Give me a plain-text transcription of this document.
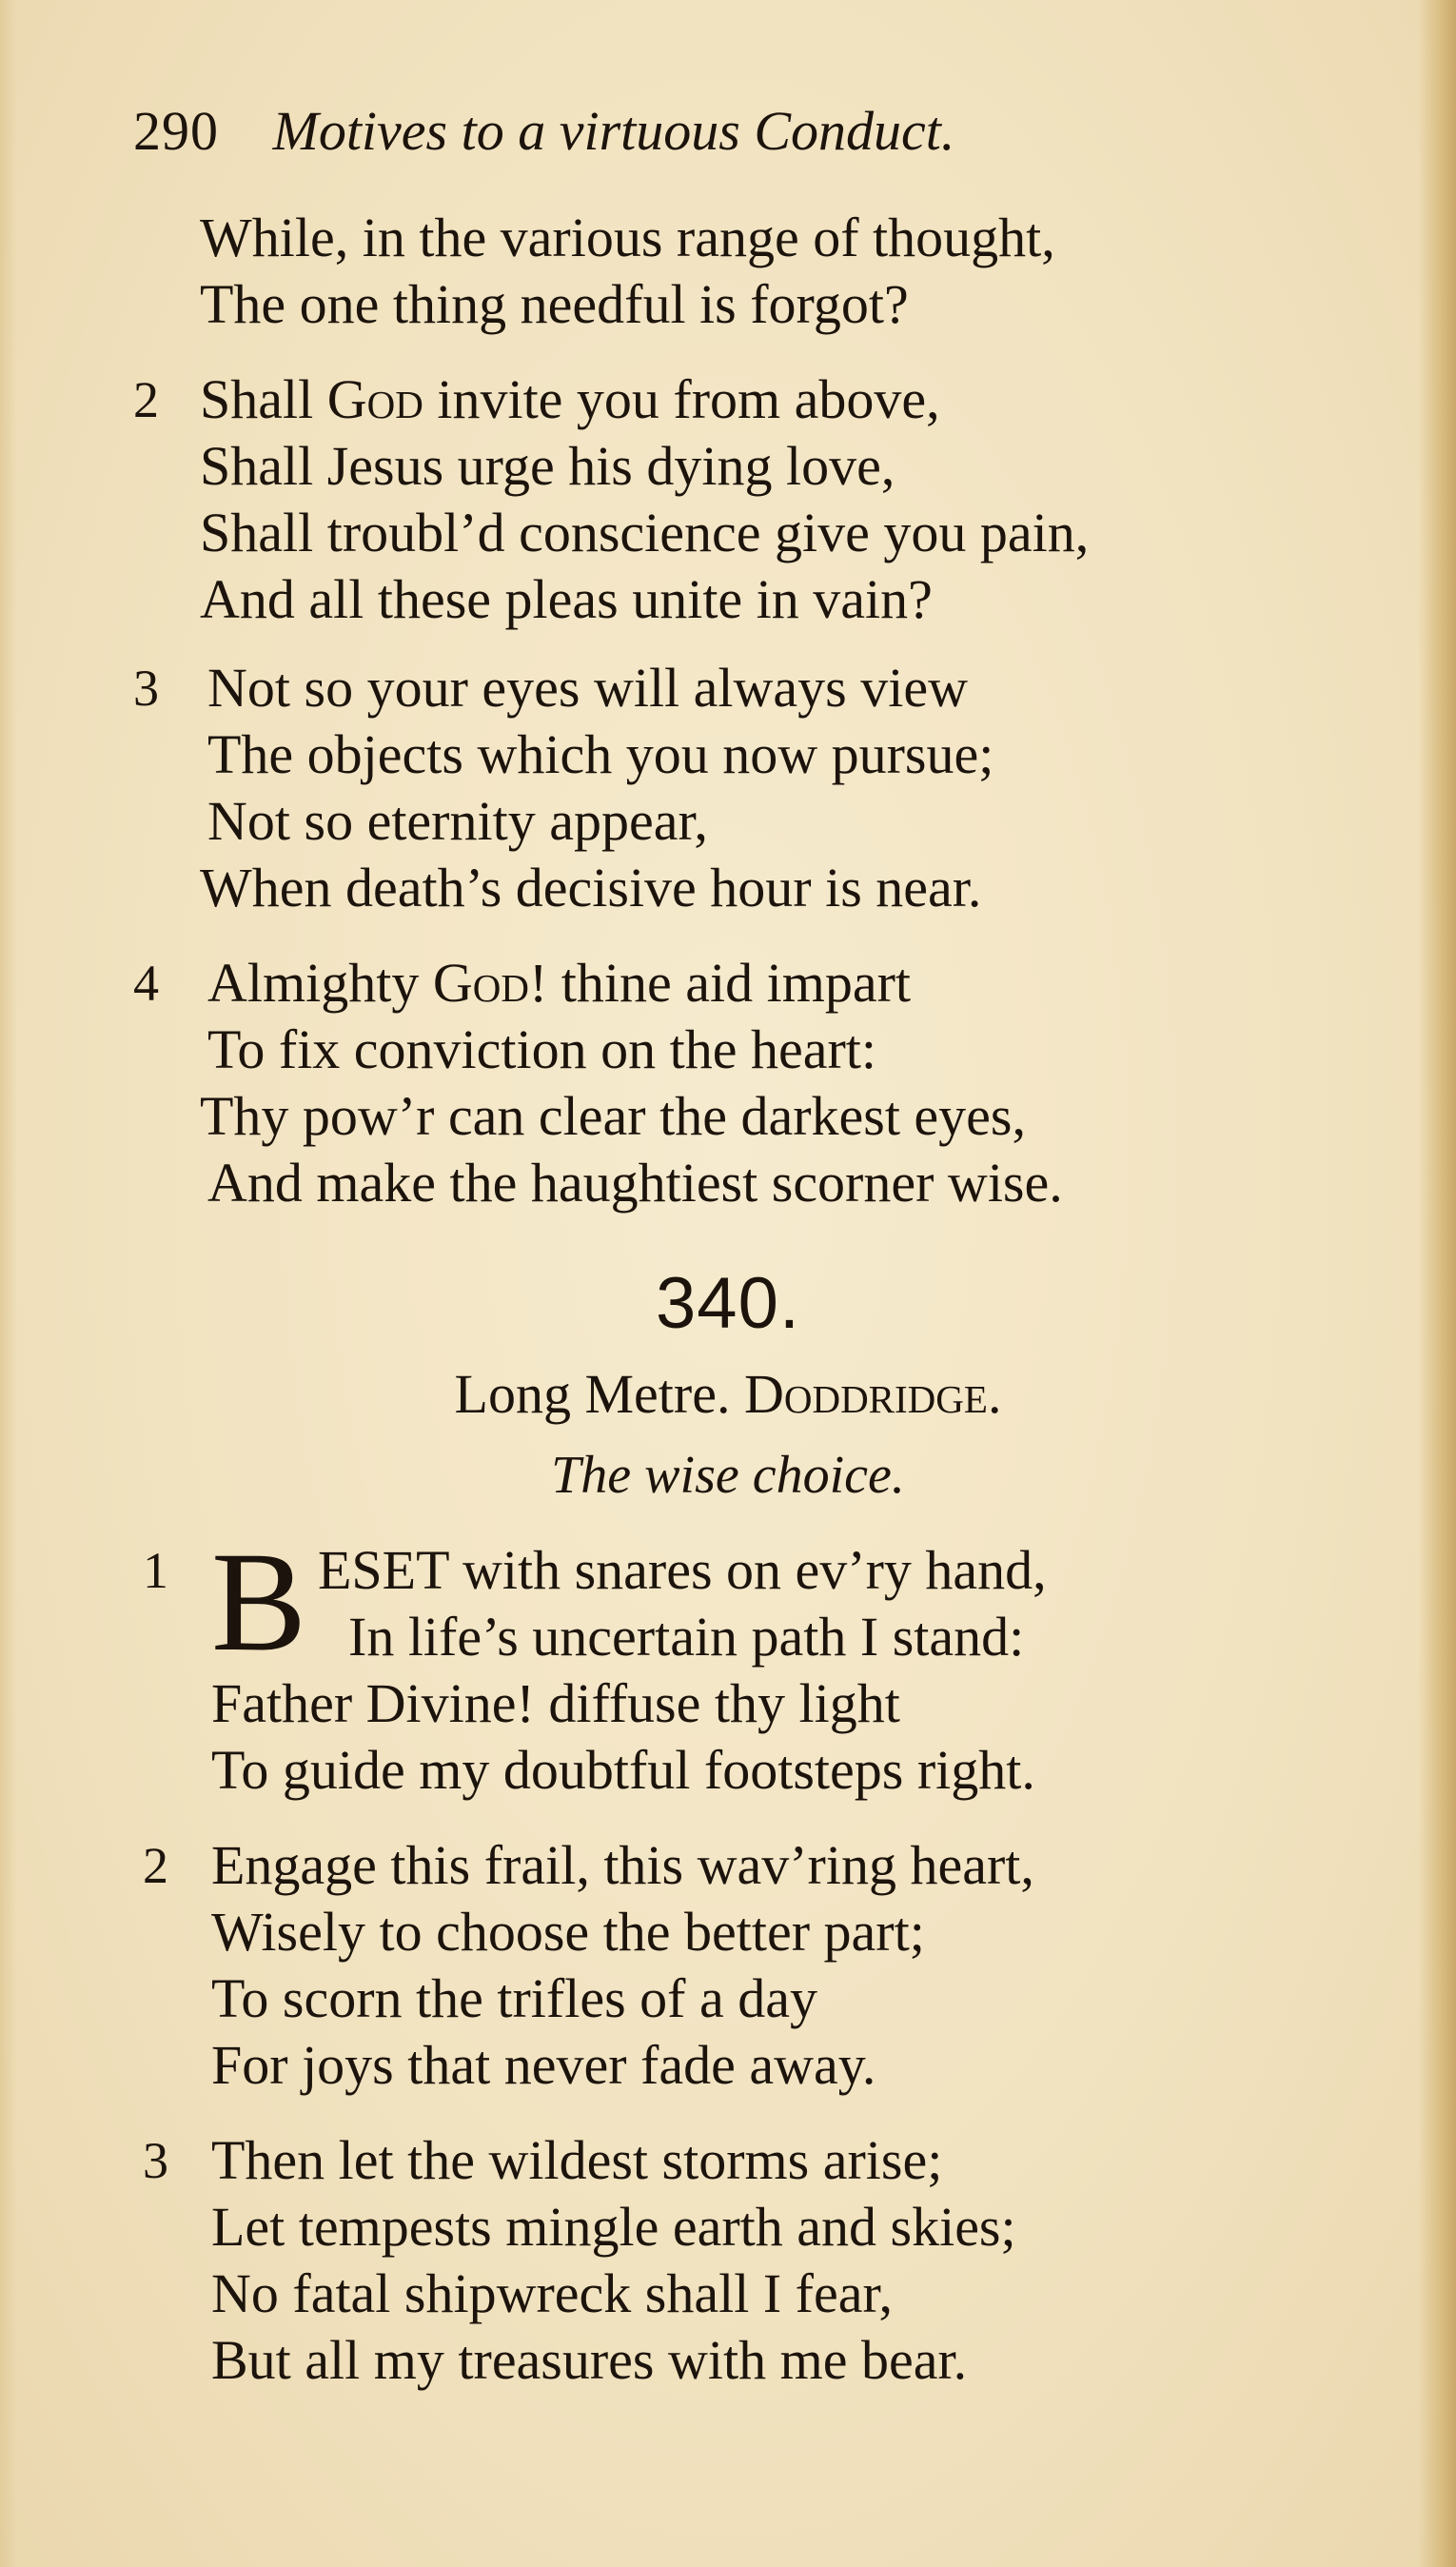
290 Motives to a virtuous Conduct.
While, in the various range of thought,
The one thing needful is forgot?
2 Shall God invite you from above,
Shall Jesus urge his dying love,
Shall troubl’d conscience give you pain,
And all these pleas unite in vain?
3 Not so your eyes will always view
The objects which you now pursue;
Not so eternity appear,
When death’s decisive hour is near.
4 Almighty God! thine aid impart
To fix conviction on the heart:
Thy pow’r can clear the darkest eyes,
And make the haughtiest scorner wise.
340.
Long Metre. Doddridge.
The wise choice.
1 B ESET with snares on ev’ry hand,
In life’s uncertain path I stand:
Father Divine! diffuse thy light
To guide my doubtful footsteps right.
2 Engage this frail, this wav’ring heart,
Wisely to choose the better part;
To scorn the trifles of a day
For joys that never fade away.
3 Then let the wildest storms arise;
Let tempests mingle earth and skies;
No fatal shipwreck shall I fear,
But all my treasures with me bear.
